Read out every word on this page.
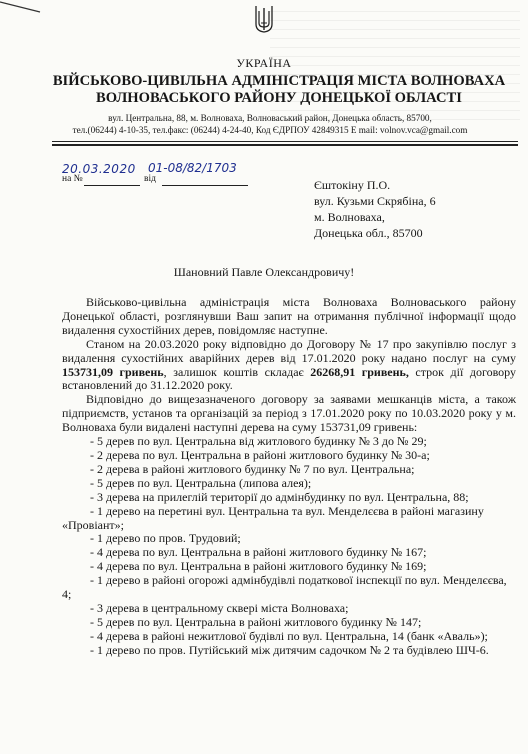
УКРАЇНА
ВІЙСЬКОВО-ЦИВІЛЬНА АДМІНІСТРАЦІЯ МІСТА ВОЛНОВАХА
ВОЛНОВАСЬКОГО РАЙОНУ ДОНЕЦЬКОЇ ОБЛАСТІ
вул. Центральна, 88, м. Волноваха, Волноваський район, Донецька область, 85700,
тел.(06244) 4-10-35, тел.факс: (06244) 4-24-40, Код ЄДРПОУ 42849315 E mail: volnov.vca@gmail.com
20.03.2020 01-08/82/1703
на №	від	Єштокіну П.О.
вул. Кузьми Скрябіна, 6
м. Волноваха,
Донецька обл., 85700
Шановний Павле Олександровичу!

Військово-цивільна адміністрація міста Волноваха Волноваського району Донецької області, розглянувши Ваш запит на отримання публічної інформації щодо видалення сухостійних дерев, повідомляє наступне.

Станом на 20.03.2020 року відповідно до Договору № 17 про закупівлю послуг з видалення сухостійних аварійних дерев від 17.01.2020 року надано послуг на суму 153731,09 гривень, залишок коштів складає 26268,91 гривень, строк дії договору встановлений до 31.12.2020 року.

Відповідно до вищезазначеного договору за заявами мешканців міста, а також підприємств, установ та організацій за період з 17.01.2020 року по 10.03.2020 року у м. Волноваха були видалені наступні дерева на суму 153731,09 гривень:

- 5 дерев по вул. Центральна від житлового будинку № 3 до № 29;

- 2 дерева по вул. Центральна в районі житлового будинку № 30-а;

- 2 дерева в районі житлового будинку № 7 по вул. Центральна;

- 5 дерев по вул. Центральна (липова алея);

- 3 дерева на прилеглій території до адмінбудинку по вул. Центральна, 88;

- 1 дерево на перетині вул. Центральна та вул. Менделєєва в районі магазину «Провіант»;

- 1 дерево по пров. Трудовий;

- 4 дерева по вул. Центральна в районі житлового будинку № 167;

- 4 дерева по вул. Центральна в районі житлового будинку № 169;

- 1 дерево в районі огорожі адмінбудівлі податкової інспекції по вул. Менделєєва, 4;

- 3 дерева в центральному сквері міста Волноваха;

- 5 дерев по вул. Центральна в районі житлового будинку № 147;

- 4 дерева в районі нежитлової будівлі по вул. Центральна, 14 (банк «Аваль»);

- 1 дерево по пров. Путійський між дитячим садочком № 2 та будівлею ШЧ-6.
